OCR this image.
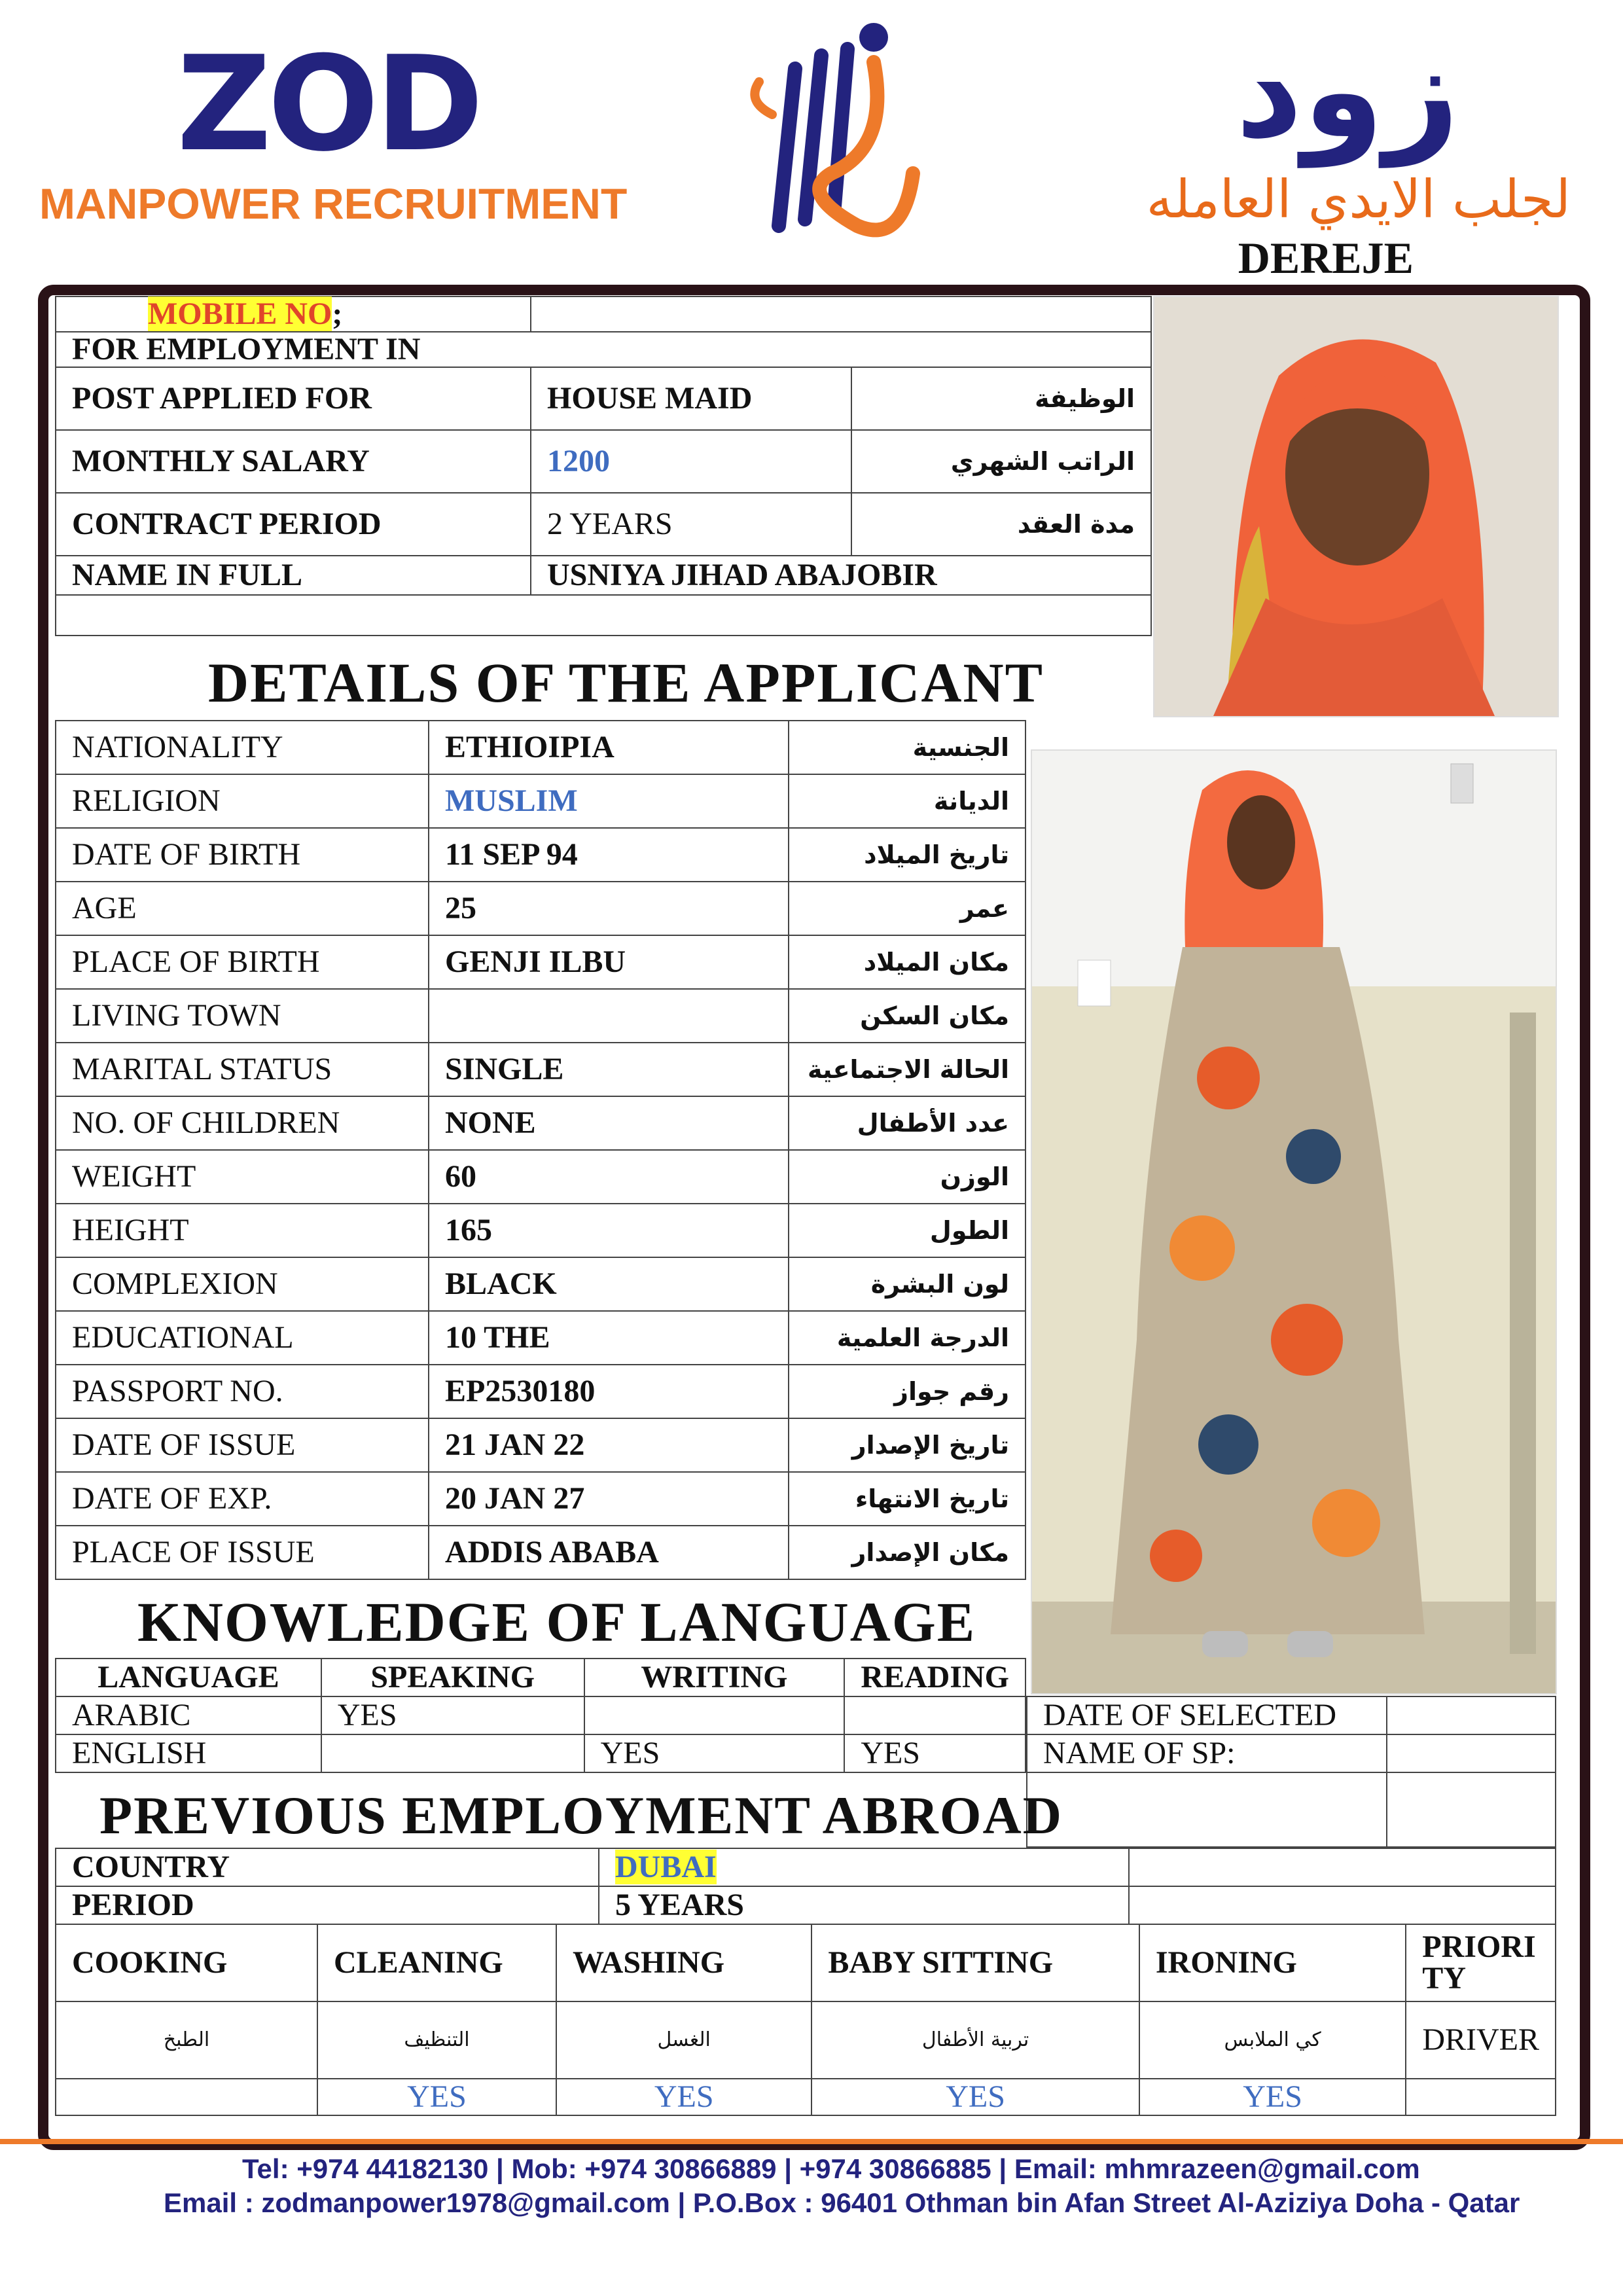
ZOD
MANPOWER RECRUITMENT
زود
لجلب الايدي العامله
DEREJE
MOBILE NO;		
FOR EMPLOYMENT IN		
POST APPLIED FOR	HOUSE MAID	الوظيفة
MONTHLY SALARY	1200	الراتب الشهري
CONTRACT PERIOD	2 YEARS	مدة العقد
NAME IN FULL	USNIYA JIHAD ABAJOBIR	

DETAILS OF THE APPLICANT
NATIONALITY	ETHIOIPIA	الجنسية
RELIGION	MUSLIM	الديانة
DATE OF BIRTH	11 SEP 94	تاريخ الميلاد
AGE	25	عمر
PLACE OF BIRTH	GENJI ILBU	مكان الميلاد
LIVING TOWN		مكان السكن
MARITAL STATUS	SINGLE	الحالة الاجتماعية
NO. OF CHILDREN	NONE	عدد الأطفال
WEIGHT	60	الوزن
HEIGHT	165	الطول
COMPLEXION	BLACK	لون البشرة
EDUCATIONAL	10 THE	الدرجة العلمية
PASSPORT NO.	EP2530180	رقم جواز
DATE OF ISSUE	21 JAN 22	تاريخ الإصدار
DATE OF EXP.	20 JAN 27	تاريخ الانتهاء
PLACE OF ISSUE	ADDIS ABABA	مكان الإصدار
KNOWLEDGE OF LANGUAGE
LANGUAGE	SPEAKING	WRITING	READING
ARABIC	YES		
ENGLISH		YES	YES
DATE OF SELECTED	
NAME OF SP:	

PREVIOUS EMPLOYMENT ABROAD
COUNTRY	DUBAI	
PERIOD	5 YEARS	
COOKING	CLEANING	WASHING	BABY SITTING	IRONING	PRIORI TY
الطبخ	التنظيف	الغسل	تربية الأطفال	كي الملابس	DRIVER
	YES	YES	YES	YES	
Tel: +974 44182130 | Mob: +974 30866889 | +974 30866885 | Email: mhmrazeen@gmail.com
Email : zodmanpower1978@gmail.com | P.O.Box : 96401 Othman bin Afan Street Al-Aziziya Doha - Qatar
